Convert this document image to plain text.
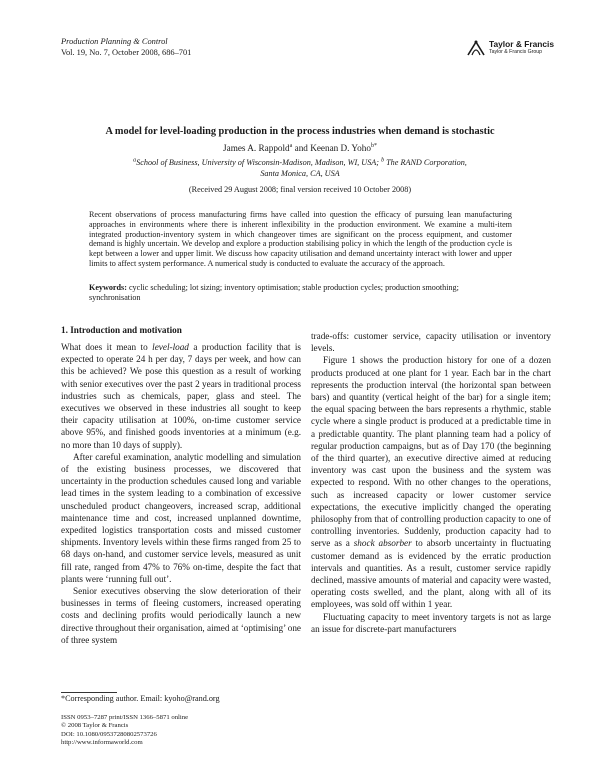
Production Planning & Control
Vol. 19, No. 7, October 2008, 686–701
Taylor & Francis
Taylor & Francis Group
A model for level-loading production in the process industries when demand is stochastic
James A. Rappold$^a$ and Keenan D. Yoho$^{b*}$
$^a$School of Business, University of Wisconsin-Madison, Madison, WI, USA; $^b$ The RAND Corporation,
Santa Monica, CA, USA
(Received 29 August 2008; final version received 10 October 2008)
Recent observations of process manufacturing firms have called into question the efficacy of pursuing lean manufacturing approaches in environments where there is inherent inflexibility in the production environment. We examine a multi-item integrated production-inventory system in which changeover times are significant on the process equipment, and customer demand is highly uncertain. We develop and explore a production stabilising policy in which the length of the production cycle is kept between a lower and upper limit. We discuss how capacity utilisation and demand uncertainty interact with lower and upper limits to affect system performance. A numerical study is conducted to evaluate the accuracy of the approach.
Keywords: cyclic scheduling; lot sizing; inventory optimisation; stable production cycles; production smoothing; synchronisation
1. Introduction and motivation

What does it mean to level-load a production facility that is expected to operate 24 h per day, 7 days per week, and how can this be achieved? We pose this question as a result of working with senior executives over the past 2 years in traditional process industries such as chemicals, paper, glass and steel. The executives we observed in these industries all sought to keep their capacity utilisation at 100%, on-time customer service above 95%, and finished goods inventories at a minimum (e.g. no more than 10 days of supply).

After careful examination, analytic modelling and simulation of the existing business processes, we discovered that uncertainty in the production schedules caused long and variable lead times in the system leading to a combination of excessive unscheduled product changeovers, increased scrap, additional maintenance time and cost, increased unplanned downtime, expedited logistics transportation costs and missed customer shipments. Inventory levels within these firms ranged from 25 to 68 days on-hand, and customer service levels, measured as unit fill rate, ranged from 47% to 76% on-time, despite the fact that plants were ‘running full out’.

Senior executives observing the slow deterioration of their businesses in terms of fleeing customers, increased operating costs and declining profits would periodically launch a new directive throughout their organisation, aimed at ‘optimising’ one of three system

trade-offs: customer service, capacity utilisation or inventory levels.

Figure 1 shows the production history for one of a dozen products produced at one plant for 1 year. Each bar in the chart represents the production interval (the horizontal span between bars) and quantity (vertical height of the bar) for a single item; the equal spacing between the bars represents a rhythmic, stable cycle where a single product is produced at a predictable time in a predictable quantity. The plant planning team had a policy of regular production campaigns, but as of Day 170 (the beginning of the third quarter), an executive directive aimed at reducing inventory was cast upon the business and the system was expected to respond. With no other changes to the operations, such as increased capacity or lower customer service expectations, the executive implicitly changed the operating philosophy from that of controlling production capacity to one of controlling inventories. Suddenly, production capacity had to serve as a shock absorber to absorb uncertainty in fluctuating customer demand as is evidenced by the erratic production intervals and quantities. As a result, customer service rapidly declined, massive amounts of material and capacity were wasted, operating costs swelled, and the plant, along with all of its employees, was sold off within 1 year.

Fluctuating capacity to meet inventory targets is not as large an issue for discrete-part manufacturers

*Corresponding author. Email: kyoho@rand.org
ISSN 0953–7287 print/ISSN 1366–5871 online
© 2008 Taylor & Francis
DOI: 10.1080/09537280802573726
http://www.informaworld.com
